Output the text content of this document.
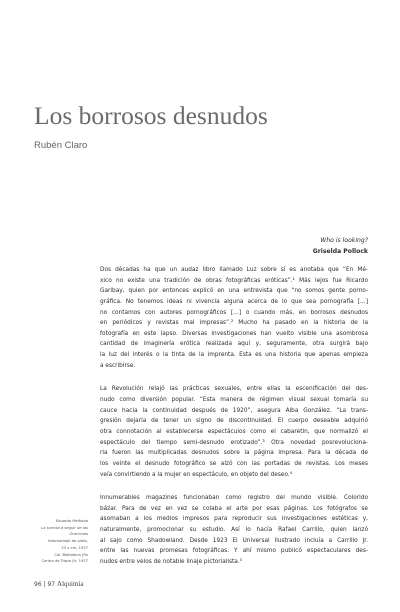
Los borrosos desnudos
Rubén Claro
Who is looking?
Griselda Pollock
Dos décadas ha que un audaz libro llamado Luz sobre sí es anotaba que “En Mé-
xico no existe una tradición de obras fotográficas eróticas”.¹ Más lejos fue Ricardo
Garibay, quien por entonces explicó en una entrevista que “no somos gente porno-
gráfica. No tenemos ideas ni vivencia alguna acerca de lo que sea pornografía […]
no contamos con autores pornográficos […] o cuando más, en borrosos desnudos
en periódicos y revistas mal impresas”.² Mucho ha pasado en la historia de la
fotografía en este lapso. Diversas investigaciones han vuelto visible una asombrosa
cantidad de imaginería erótica realizada aquí y, seguramente, otra surgirá bajo
la luz del interés o la tinta de la imprenta. Esta es una historia que apenas empieza
a escribirse.
La Revolución relajó las prácticas sexuales, entre ellas la escenificación del des-
nudo como diversión popular. “Esta manera de régimen visual sexual tomaría su
cauce hacia la continuidad después de 1920”, asegura Alba González. “La trans-
gresión dejaría de tener un signo de discontinuidad. El cuerpo deseable adquirió
otra connotación al establecerse espectáculos como el cabaretin, que normalizó el
espectáculo del tiempo semi-desnudo erotizado”.³ Otra novedad posrevoluciona-
ria fueron las multiplicadas desnudos sobre la página impresa. Para la década de
los veinte el desnudo fotográfico se alzó con las portadas de revistas. Los meses
veía convirtiendo a la mujer en espectáculo, en objeto del deseo.⁴
Innumerables magazines funcionaban como registro del mundo visible. Colorido
bázar. Para de vez en vez se colaba el arte por esas páginas. Los fotógrafos se
asomaban a los medios impresos para reproducir sus investigaciones estéticas y,
naturalmente, promocionar su estudio. Así lo hacía Rafael Carrillo, quien lanzó
al sajo como Shadowland. Desde 1923 El Universal Ilustrado incluía a Carrillo Jr.
entre las nuevas promesas fotográficas. Y ahí mismo publicó espectaculares des-
nudos entre velos de notable linaje pictorialista.⁵
Eduardo Melhado
La sonrisa a seguir de las
Oraciones
fotomontaje de plata,
23 x cm, 1937
Col. Biblioteca (fin
Centro de Trapa (fr, 1937
96 | 97 Alquimia
